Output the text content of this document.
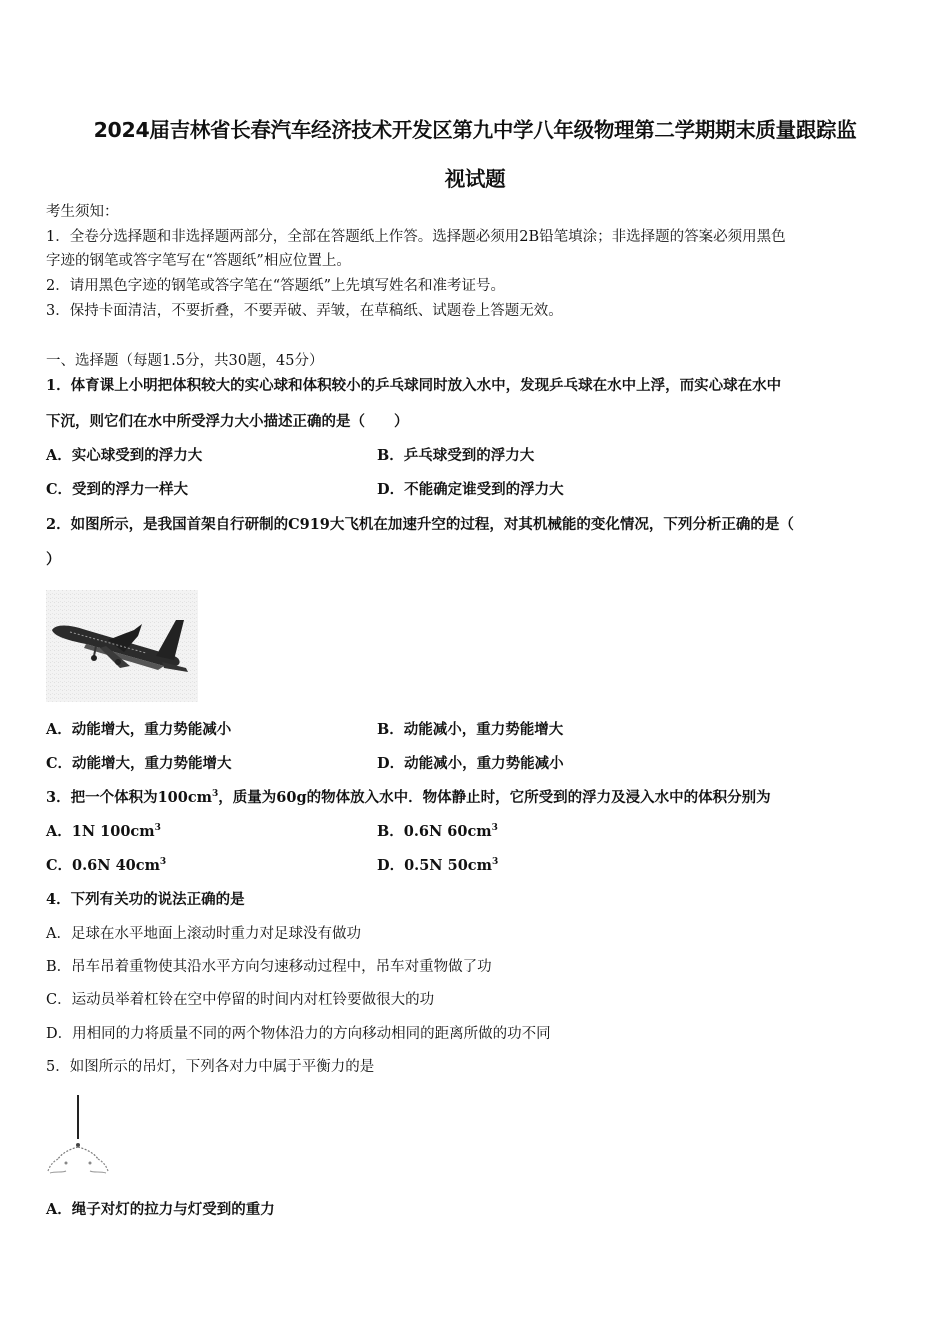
2024届吉林省长春汽车经济技术开发区第九中学八年级物理第二学期期末质量跟踪监
视试题
考生须知：
1．全卷分选择题和非选择题两部分，全部在答题纸上作答。选择题必须用2B铅笔填涂；非选择题的答案必须用黑色
字迹的钢笔或答字笔写在“答题纸”相应位置上。
2．请用黑色字迹的钢笔或答字笔在“答题纸”上先填写姓名和准考证号。
3．保持卡面清洁，不要折叠，不要弄破、弄皱，在草稿纸、试题卷上答题无效。
一、选择题（每题1.5分，共30题，45分）
1．体育课上小明把体积较大的实心球和体积较小的乒乓球同时放入水中，发现乒乓球在水中上浮，而实心球在水中
下沉，则它们在水中所受浮力大小描述正确的是（　　）
A．实心球受到的浮力大	B．乒乓球受到的浮力大
C．受到的浮力一样大	D．不能确定谁受到的浮力大
2．如图所示，是我国首架自行研制的C919大飞机在加速升空的过程，对其机械能的变化情况，下列分析正确的是（
）
A．动能增大，重力势能减小	B．动能减小，重力势能增大
C．动能增大，重力势能增大	D．动能减小，重力势能减小
3．把一个体积为$100cm^3$，质量为60g的物体放入水中．物体静止时，它所受到的浮力及浸入水中的体积分别为
A．1N $100cm^3$	B．0.6N $60cm^3$
C．0.6N $40cm^3$	D．0.5N $50cm^3$
4．下列有关功的说法正确的是
A．足球在水平地面上滚动时重力对足球没有做功
B．吊车吊着重物使其沿水平方向匀速移动过程中，吊车对重物做了功
C．运动员举着杠铃在空中停留的时间内对杠铃要做很大的功
D．用相同的力将质量不同的两个物体沿力的方向移动相同的距离所做的功不同
5．如图所示的吊灯，下列各对力中属于平衡力的是
A．绳子对灯的拉力与灯受到的重力
